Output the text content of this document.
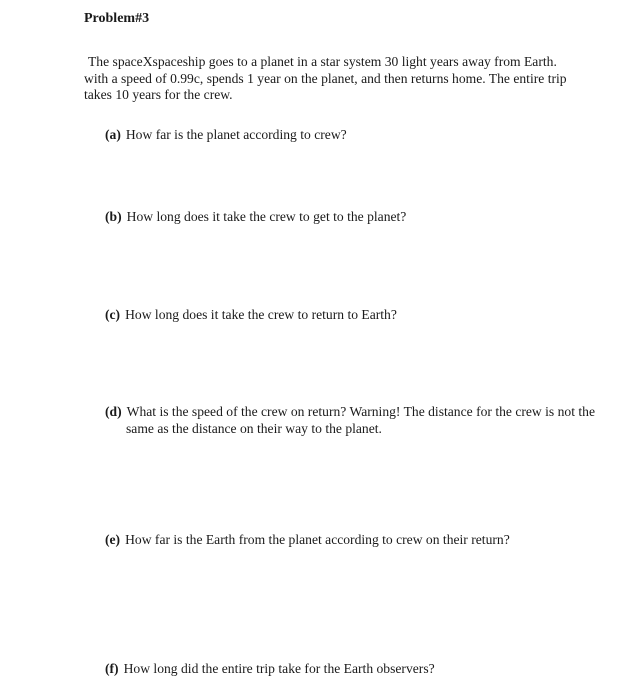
Problem#3
The spaceXspaceship goes to a planet in a star system 30 light years away from Earth.
with a speed of 0.99c, spends 1 year on the planet, and then returns home. The entire trip
takes 10 years for the crew.
(a) How far is the planet according to crew?
(b) How long does it take the crew to get to the planet?
(c) How long does it take the crew to return to Earth?
(d) What is the speed of the crew on return? Warning! The distance for the crew is not the
same as the distance on their way to the planet.
(e) How far is the Earth from the planet according to crew on their return?
(f) How long did the entire trip take for the Earth observers?
